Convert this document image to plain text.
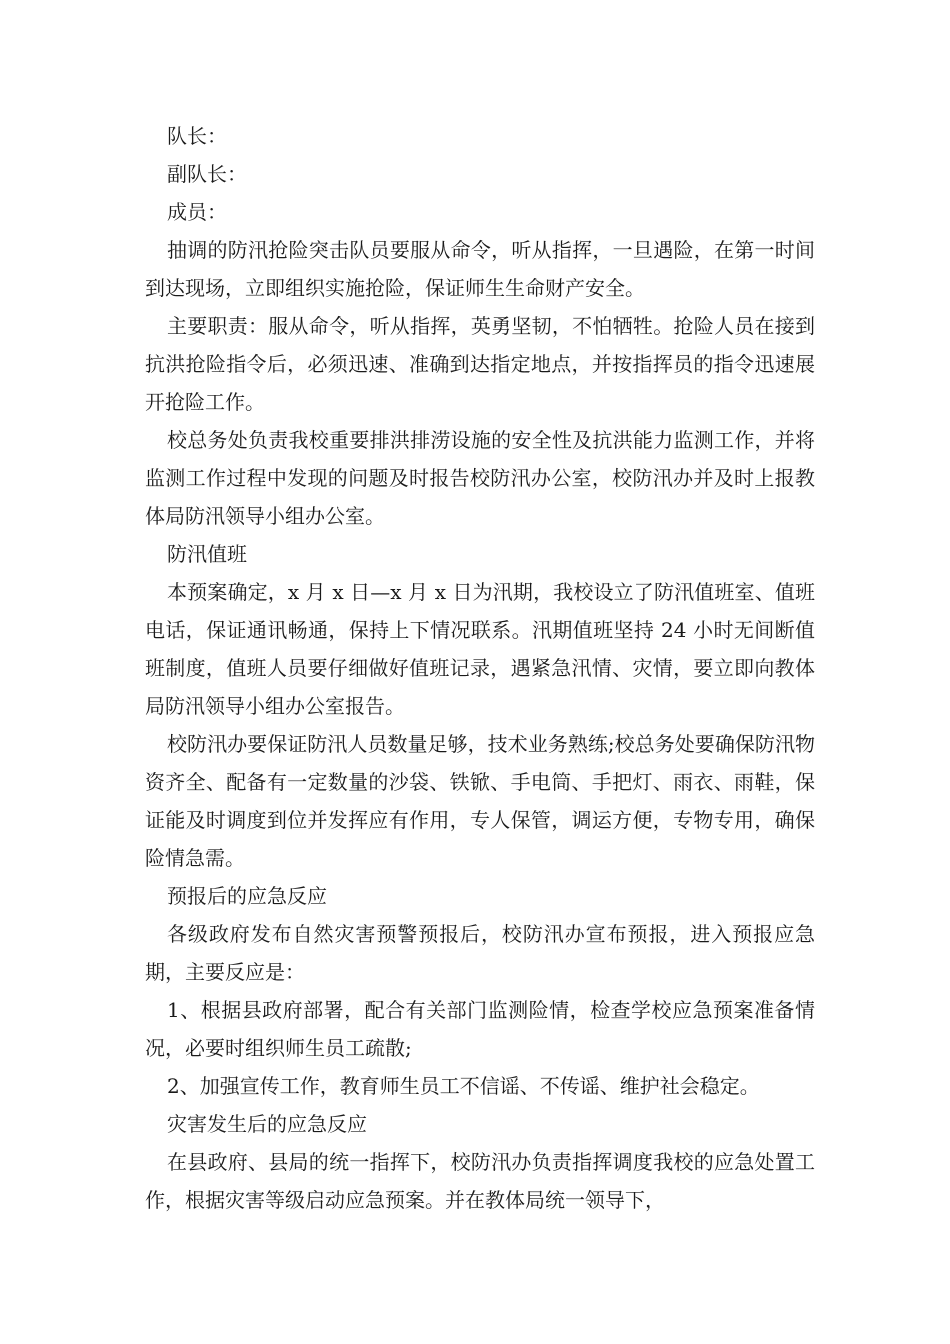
队长：

副队长：

成员：

抽调的防汛抢险突击队员要服从命令，听从指挥，一旦遇险，在第一时间到达现场，立即组织实施抢险，保证师生生命财产安全。

主要职责：服从命令，听从指挥，英勇坚韧，不怕牺牲。抢险人员在接到抗洪抢险指令后，必须迅速、准确到达指定地点，并按指挥员的指令迅速展开抢险工作。

校总务处负责我校重要排洪排涝设施的安全性及抗洪能力监测工作，并将监测工作过程中发现的问题及时报告校防汛办公室，校防汛办并及时上报教体局防汛领导小组办公室。

防汛值班

本预案确定，x 月 x 日—x 月 x 日为汛期，我校设立了防汛值班室、值班电话，保证通讯畅通，保持上下情况联系。汛期值班坚持 24 小时无间断值班制度，值班人员要仔细做好值班记录，遇紧急汛情、灾情，要立即向教体局防汛领导小组办公室报告。

校防汛办要保证防汛人员数量足够，技术业务熟练;校总务处要确保防汛物资齐全、配备有一定数量的沙袋、铁锨、手电筒、手把灯、雨衣、雨鞋，保证能及时调度到位并发挥应有作用，专人保管，调运方便，专物专用，确保险情急需。

预报后的应急反应

各级政府发布自然灾害预警预报后，校防汛办宣布预报，进入预报应急期，主要反应是：

1、根据县政府部署，配合有关部门监测险情，检查学校应急预案准备情况，必要时组织师生员工疏散;

2、加强宣传工作，教育师生员工不信谣、不传谣、维护社会稳定。

灾害发生后的应急反应

在县政府、县局的统一指挥下，校防汛办负责指挥调度我校的应急处置工作，根据灾害等级启动应急预案。并在教体局统一领导下，
